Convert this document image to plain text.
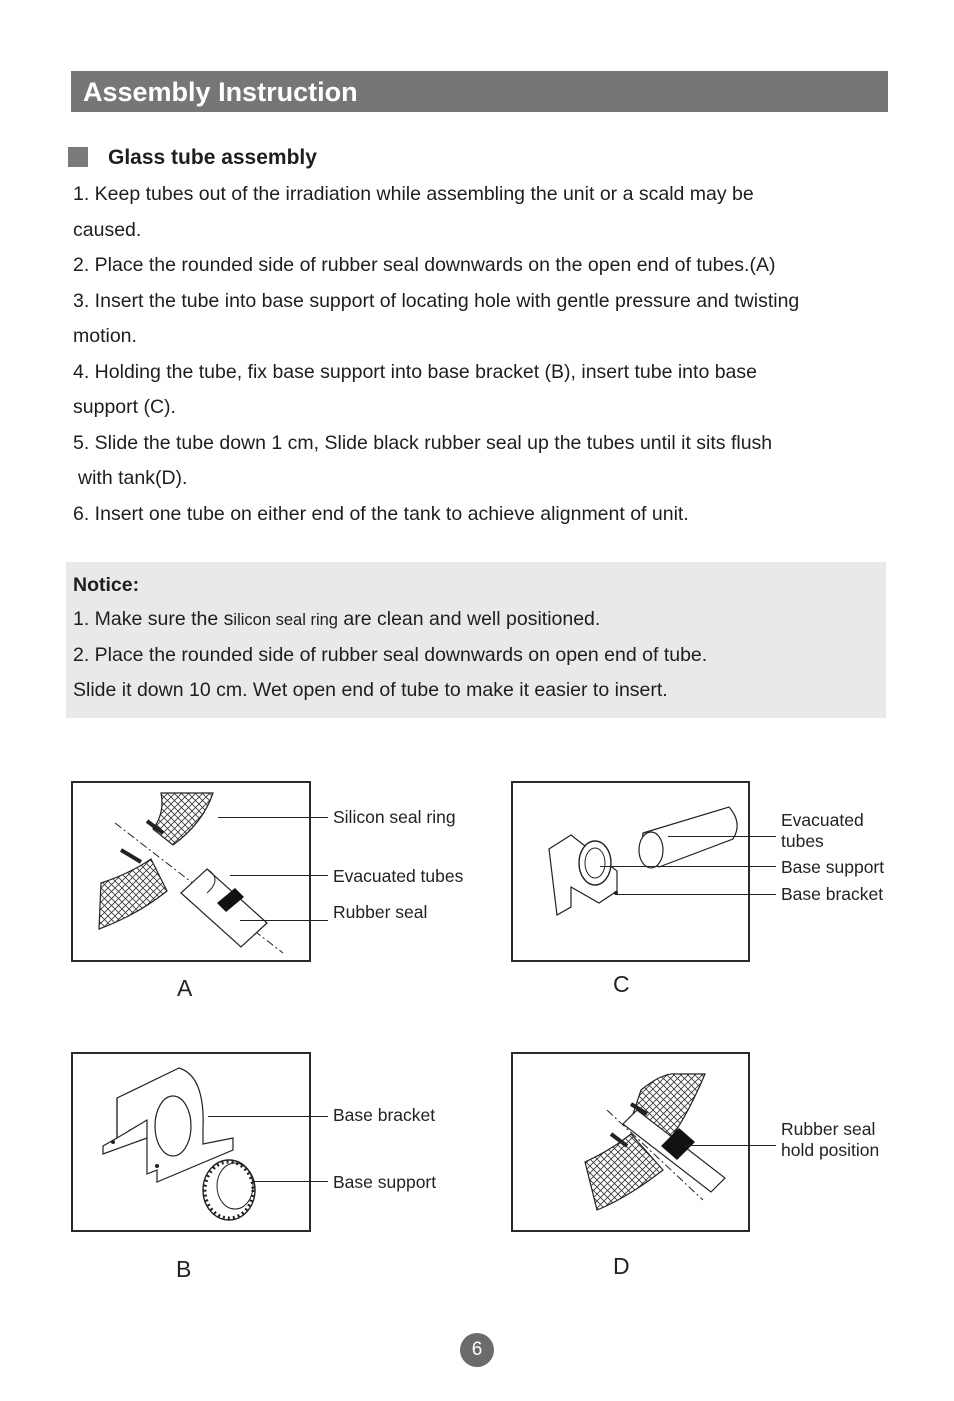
Assembly Instruction
Glass tube assembly
1. Keep tubes out of the irradiation while assembling the unit or a scald may be
caused.
2. Place the rounded side of rubber seal downwards on the open end of tubes.(A)
3. Insert the tube into base support of locating hole with gentle pressure and twisting
motion.
4. Holding the tube, fix base support into base bracket (B), insert tube into base
support (C).
5. Slide the tube down 1 cm, Slide black rubber seal up the tubes until it sits flush
with tank(D).
6. Insert one tube on either end of the tank to achieve alignment of unit.
Notice:
1. Make sure the silicon seal ring are clean and well positioned.
2. Place the rounded side of rubber seal downwards on open end of tube.
Slide it down 10 cm. Wet open end of tube to make it easier to insert.
Silicon seal ring
Evacuated tubes
Rubber seal
A
Evacuated
tubes
Base support
Base bracket
C
Base bracket
Base support
B
Rubber seal
hold position
D
6
